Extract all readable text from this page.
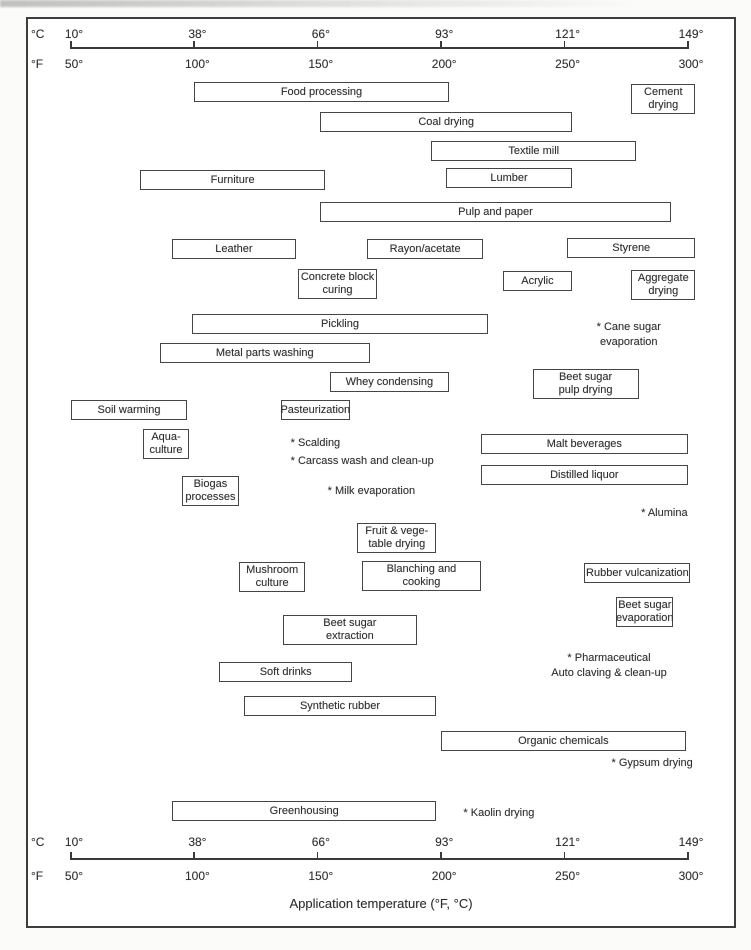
°C
°F
10°
50°
38°
100°
66°
150°
93°
200°
121°
250°
149°
300°
°C
°F
10°
50°
38°
100°
66°
150°
93°
200°
121°
250°
149°
300°
Food processing	Cement
drying
Coal drying
Textile mill
Furniture	Lumber
Pulp and paper
Leather	Rayon/acetate	Styrene
Concrete block
curing
Acrylic	Aggregate
drying
Pickling
Metal parts washing
Whey condensing	Beet sugar
pulp drying
Soil warming	Pasteurization
Aqua-
culture
Malt beverages
Distilled liquor
Biogas
processes
Fruit & vege-
table drying
Mushroom
culture
Blanching and
cooking
Rubber vulcanization
Beet sugar
evaporation
Beet sugar
extraction
Soft drinks
Synthetic rubber
Organic chemicals
Greenhousing
* Cane sugar
evaporation
* Scalding
* Carcass wash and clean-up
* Milk evaporation
* Alumina
* Pharmaceutical
Auto claving & clean-up
* Gypsum drying
* Kaolin drying
Application temperature (°F, °C)
